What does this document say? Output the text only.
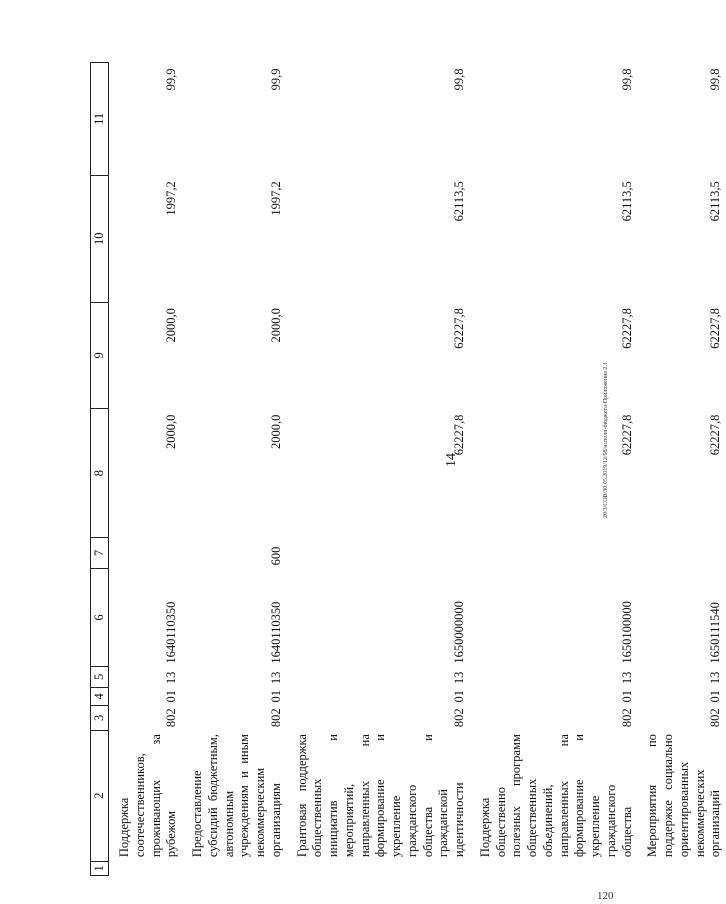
14	20/3/COB/30.05.2019/12/08/исполн-бюджета-Приложение 2.1
120
1	2	3	4	5	6	7	8	9	10	11
	Поддержка соотечественников, проживающих за рубежом	802	01	13	1640110350		2000,0	2000,0	1997,2	99,9
	Предоставление субсидий бюджетным, автономным учреждениям и иным некоммерческим организациям	802	01	13	1640110350	600	2000,0	2000,0	1997,2	99,9
	Грантовая поддержка общественных инициатив и мероприятий, направленных на формирование и укрепление гражданского общества и гражданской идентичности	802	01	13	1650000000		62227,8	62227,8	62113,5	99,8
	Поддержка общественно полезных программ общественных объединений, направленных на формирование и укрепление гражданского общества	802	01	13	1650100000		62227,8	62227,8	62113,5	99,8
	Мероприятия по поддержке социально ориентированных некоммерческих организаций	802	01	13	1650111540		62227,8	62227,8	62113,5	99,8
